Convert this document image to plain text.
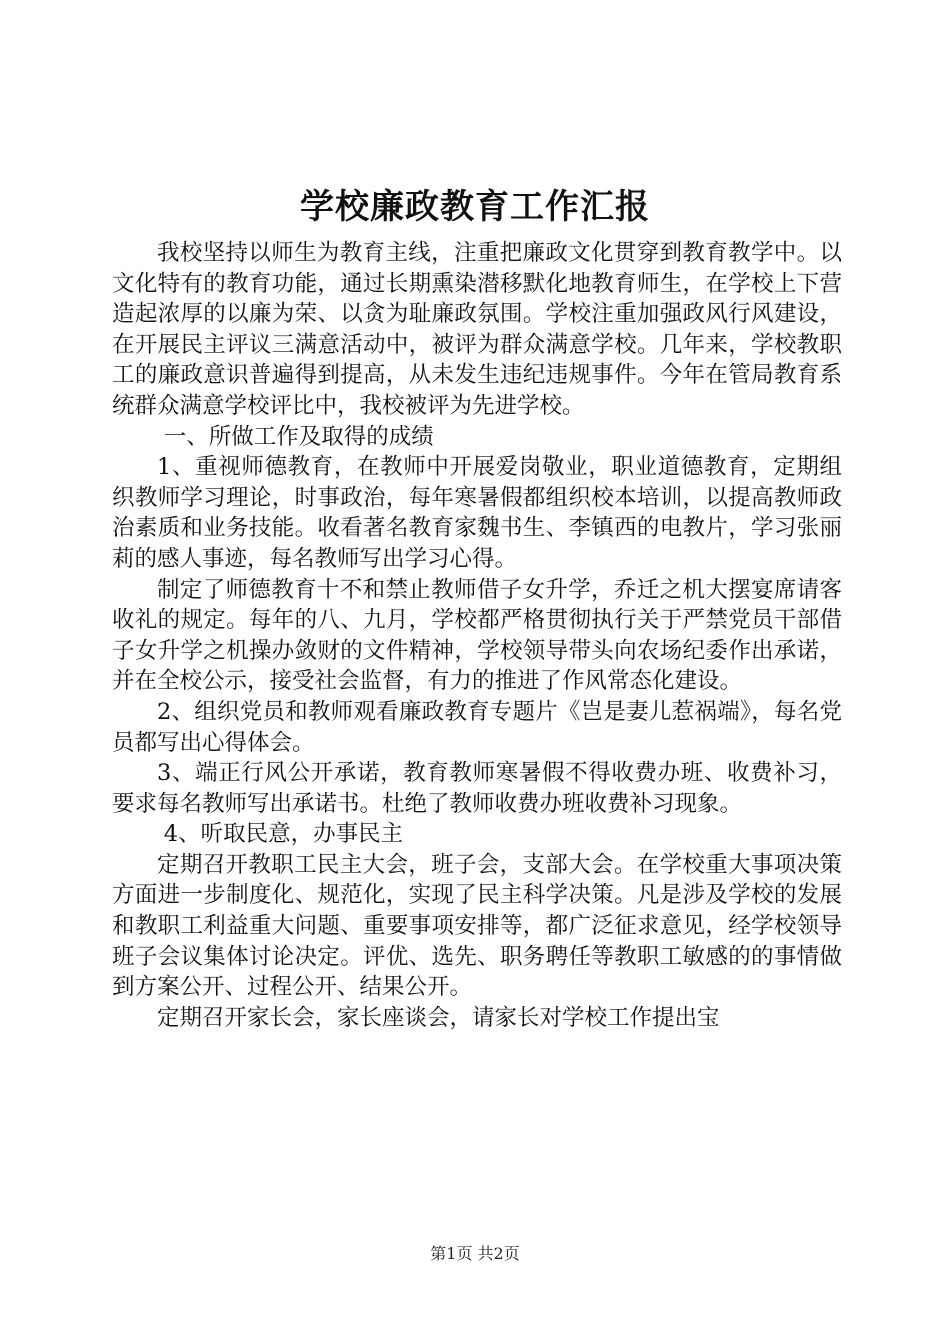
学校廉政教育工作汇报

我校坚持以师生为教育主线，注重把廉政文化贯穿到教育教学中。以文化特有的教育功能，通过长期熏染潜移默化地教育师生，在学校上下营造起浓厚的以廉为荣、以贪为耻廉政氛围。学校注重加强政风行风建设，在开展民主评议三满意活动中，被评为群众满意学校。几年来，学校教职工的廉政意识普遍得到提高，从未发生违纪违规事件。今年在管局教育系统群众满意学校评比中，我校被评为先进学校。

一、所做工作及取得的成绩

1、重视师德教育，在教师中开展爱岗敬业，职业道德教育，定期组织教师学习理论，时事政治，每年寒暑假都组织校本培训，以提高教师政治素质和业务技能。收看著名教育家魏书生、李镇西的电教片，学习张丽莉的感人事迹，每名教师写出学习心得。

制定了师德教育十不和禁止教师借子女升学，乔迁之机大摆宴席请客收礼的规定。每年的八、九月，学校都严格贯彻执行关于严禁党员干部借子女升学之机操办敛财的文件精神，学校领导带头向农场纪委作出承诺，并在全校公示，接受社会监督，有力的推进了作风常态化建设。

2、组织党员和教师观看廉政教育专题片《岂是妻儿惹祸端》，每名党员都写出心得体会。

3、端正行风公开承诺，教育教师寒暑假不得收费办班、收费补习，要求每名教师写出承诺书。杜绝了教师收费办班收费补习现象。

4、听取民意，办事民主

定期召开教职工民主大会，班子会，支部大会。在学校重大事项决策方面进一步制度化、规范化，实现了民主科学决策。凡是涉及学校的发展和教职工利益重大问题、重要事项安排等，都广泛征求意见，经学校领导班子会议集体讨论决定。评优、选先、职务聘任等教职工敏感的的事情做到方案公开、过程公开、结果公开。

定期召开家长会，家长座谈会，请家长对学校工作提出宝

第1页 共2页
